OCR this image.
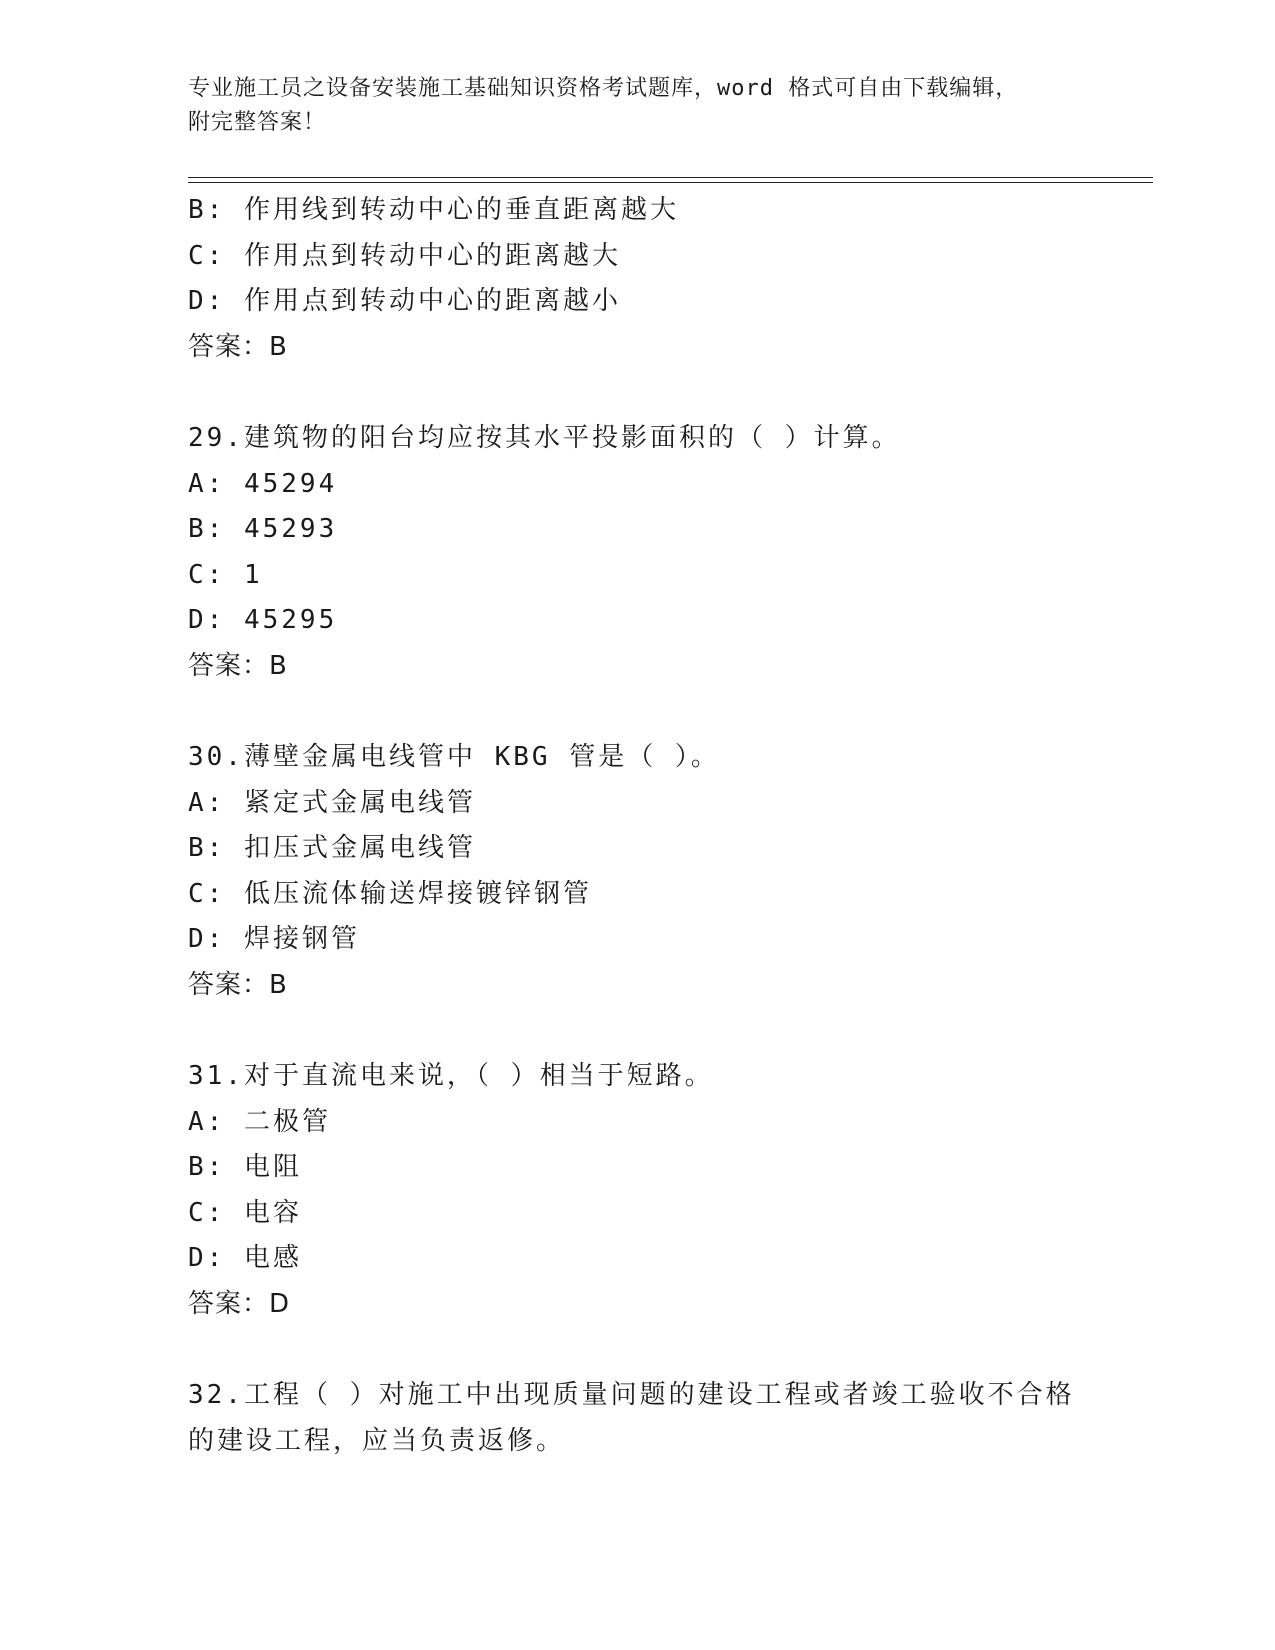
专业施工员之设备安装施工基础知识资格考试题库，word 格式可自由下载编辑，
附完整答案！
B: 作用线到转动中心的垂直距离越大
C: 作用点到转动中心的距离越大
D: 作用点到转动中心的距离越小
答案：B
29.建筑物的阳台均应按其水平投影面积的（ ）计算。
A: 45294
B: 45293
C: 1
D: 45295
答案：B
30.薄壁金属电线管中 KBG 管是（ ）。
A: 紧定式金属电线管
B: 扣压式金属电线管
C: 低压流体输送焊接镀锌钢管
D: 焊接钢管
答案：B
31.对于直流电来说，（ ）相当于短路。
A: 二极管
B: 电阻
C: 电容
D: 电感
答案：D
32.工程（ ）对施工中出现质量问题的建设工程或者竣工验收不合格
的建设工程，应当负责返修。
